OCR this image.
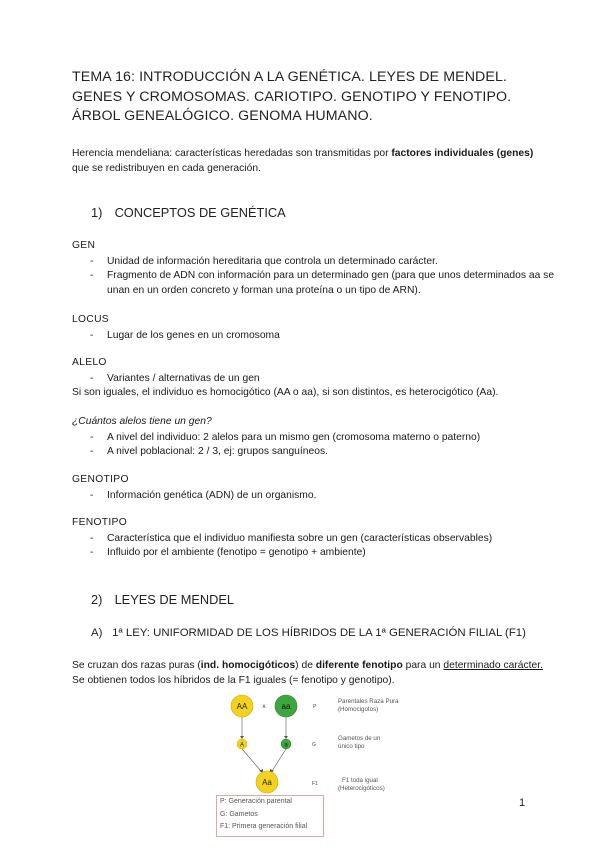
TEMA 16: INTRODUCCIÓN A LA GENÉTICA. LEYES DE MENDEL.
GENES Y CROMOSOMAS. CARIOTIPO. GENOTIPO Y FENOTIPO.
ÁRBOL GENEALÓGICO. GENOMA HUMANO.
Herencia mendeliana: características heredadas son transmitidas por factores individuales (genes) que se redistribuyen en cada generación.
1) CONCEPTOS DE GENÉTICA
GEN
-	Unidad de información hereditaria que controla un determinado carácter.
-	Fragmento de ADN con información para un determinado gen (para que unos determinados aa se unan en un orden concreto y forman una proteína o un tipo de ARN).
LOCUS
-	Lugar de los genes en un cromosoma
ALELO
-	Variantes / alternativas de un gen
Si son iguales, el individuo es homocigótico (AA o aa), si son distintos, es heterocigótico (Aa).
¿Cuántos alelos tiene un gen?
-	A nivel del individuo: 2 alelos para un mismo gen (cromosoma materno o paterno)
-	A nivel poblacional: 2 / 3, ej: grupos sanguíneos.
GENOTIPO
-	Información genética (ADN) de un organismo.
FENOTIPO
-	Característica que el individuo manifiesta sobre un gen (características observables)
-	Influido por el ambiente (fenotipo = genotipo + ambiente)
2) LEYES DE MENDEL
A) 1ª LEY: UNIFORMIDAD DE LOS HÍBRIDOS DE LA 1ª GENERACIÓN FILIAL (F1)
Se cruzan dos razas puras (ind. homocigóticos) de diferente fenotipo para un determinado carácter.
Se obtienen todos los híbridos de la F1 iguales (= fenotipo y genotipo).
AA	x aa	P
Parentales Raza Pura
(Homocigotos)
A	a	G
Gametos de un
único tipo
Aa	F1	F1 toda igual
(Heterocigóticos)
P: Generación parental
G: Gametos
F1: Primera generación filial
1
